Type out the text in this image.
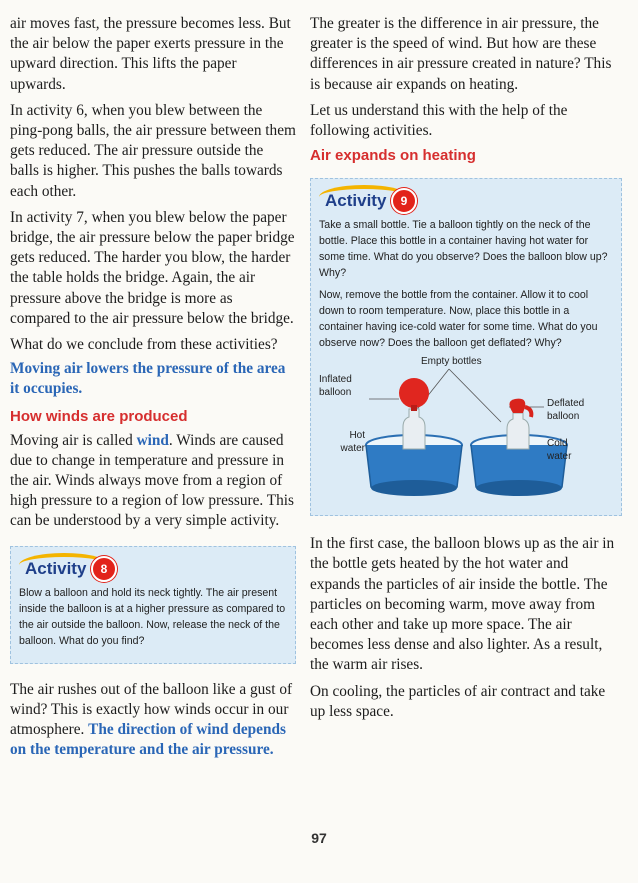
air moves fast, the pressure becomes less. But the air below the paper exerts pressure in the upward direction. This lifts the paper upwards.

In activity 6, when you blew between the ping-pong balls, the air pressure between them gets reduced. The air pressure outside the balls is higher. This pushes the balls towards each other.

In activity 7, when you blew below the paper bridge, the air pressure below the paper bridge gets reduced. The harder you blow, the harder the table holds the bridge. Again, the air pressure above the bridge is more as compared to the air pressure below the bridge.

What do we conclude from these activities?

Moving air lowers the pressure of the area it occupies.

How winds are produced

Moving air is called wind. Winds are caused due to change in temperature and pressure in the air. Winds always move from a region of high pressure to a region of low pressure. This can be understood by a very simple activity.

Activity	8

Blow a balloon and hold its neck tightly. The air present inside the balloon is at a higher pressure as compared to the air outside the balloon. Now, release the neck of the balloon. What do you find?

The air rushes out of the balloon like a gust of wind? This is exactly how winds occur in our atmosphere. The direction of wind depends on the temperature and the air pressure.

The greater is the difference in air pressure, the greater is the speed of wind. But how are these differences in air pressure created in nature? This is because air expands on heating.

Let us understand this with the help of the following activities.

Air expands on heating
Activity	9

Take a small bottle. Tie a balloon tightly on the neck of the bottle. Place this bottle in a container having hot water for some time. What do you observe? Does the balloon blow up? Why?

Now, remove the bottle from the container. Allow it to cool down to room temperature. Now, place this bottle in a container having ice-cold water for some time. What do you observe now? Does the balloon get deflated? Why?

Empty bottles
Inflated balloon
Hot water
Deflated balloon
Cold water

In the first case, the balloon blows up as the air in the bottle gets heated by the hot water and expands the particles of air inside the bottle. The particles on becoming warm, move away from each other and take up more space. The air becomes less dense and also lighter. As a result, the warm air rises.

On cooling, the particles of air contract and take up less space.

97
